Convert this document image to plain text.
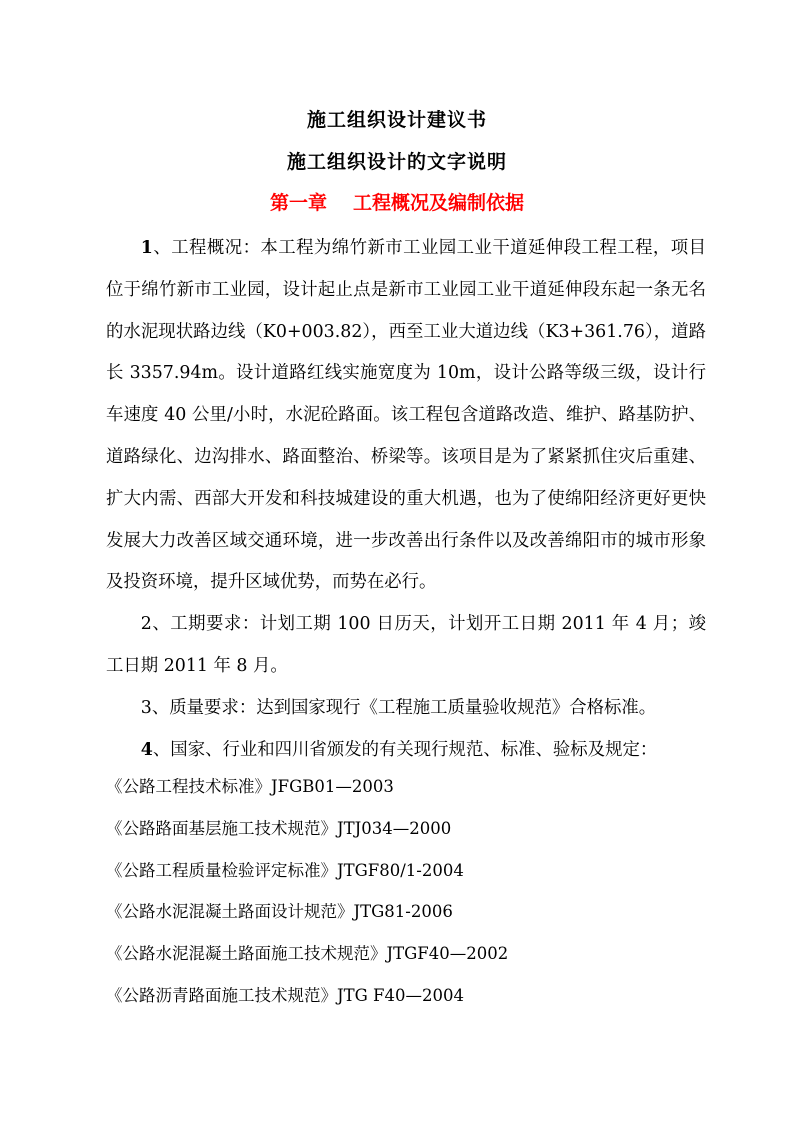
施工组织设计建议书
施工组织设计的文字说明
第一章 工程概况及编制依据

1、工程概况：本工程为绵竹新市工业园工业干道延伸段工程工程，项目位于绵竹新市工业园，设计起止点是新市工业园工业干道延伸段东起一条无名的水泥现状路边线（K0+003.82），西至工业大道边线（K3+361.76），道路长 3357.94m。设计道路红线实施宽度为 10m，设计公路等级三级，设计行车速度 40 公里/小时，水泥砼路面。该工程包含道路改造、维护、路基防护、道路绿化、边沟排水、路面整治、桥梁等。该项目是为了紧紧抓住灾后重建、扩大内需、西部大开发和科技城建设的重大机遇，也为了使绵阳经济更好更快发展大力改善区域交通环境，进一步改善出行条件以及改善绵阳市的城市形象及投资环境，提升区域优势，而势在必行。

2、工期要求：计划工期 100 日历天，计划开工日期 2011 年 4 月；竣工日期 2011 年 8 月。

3、质量要求：达到国家现行《工程施工质量验收规范》合格标准。

4、国家、行业和四川省颁发的有关现行规范、标准、验标及规定：

《公路工程技术标准》JFGB01—2003
《公路路面基层施工技术规范》JTJ034—2000
《公路工程质量检验评定标准》JTGF80/1-2004
《公路水泥混凝土路面设计规范》JTG81-2006
《公路水泥混凝土路面施工技术规范》JTGF40—2002
《公路沥青路面施工技术规范》JTG F40—2004
